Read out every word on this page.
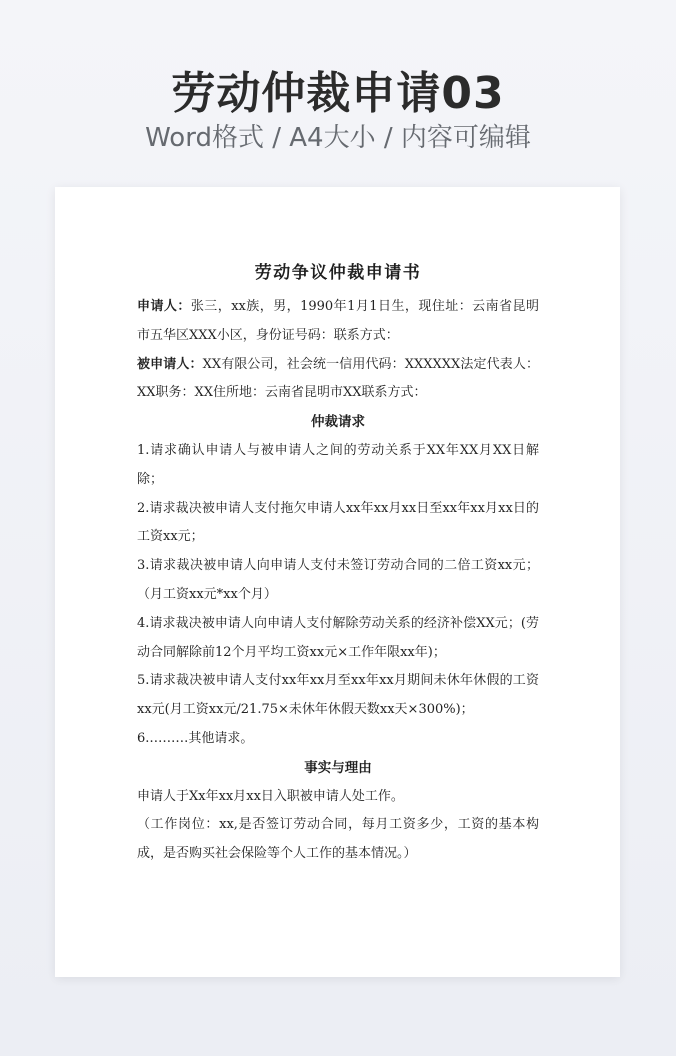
劳动仲裁申请03
Word格式 / A4大小 / 内容可编辑
劳动争议仲裁申请书

申请人：张三，xx族，男，1990年1月1日生，现住址：云南省昆明市五华区XXX小区，身份证号码：联系方式：

被申请人：XX有限公司，社会统一信用代码：XXXXXX法定代表人：XX职务：XX住所地：云南省昆明市XX联系方式：

仲裁请求

1.请求确认申请人与被申请人之间的劳动关系于XX年XX月XX日解除；

2.请求裁决被申请人支付拖欠申请人xx年xx月xx日至xx年xx月xx日的工资xx元；

3.请求裁决被申请人向申请人支付未签订劳动合同的二倍工资xx元；（月工资xx元*xx个月）

4.请求裁决被申请人向申请人支付解除劳动关系的经济补偿XX元；(劳动合同解除前12个月平均工资xx元×工作年限xx年)；

5.请求裁决被申请人支付xx年xx月至xx年xx月期间未休年休假的工资xx元(月工资xx元/21.75×未休年休假天数xx天×300%)；

6.………其他请求。

事实与理由

申请人于Xx年xx月xx日入职被申请人处工作。

（工作岗位：xx,是否签订劳动合同，每月工资多少，工资的基本构成，是否购买社会保险等个人工作的基本情况。）
